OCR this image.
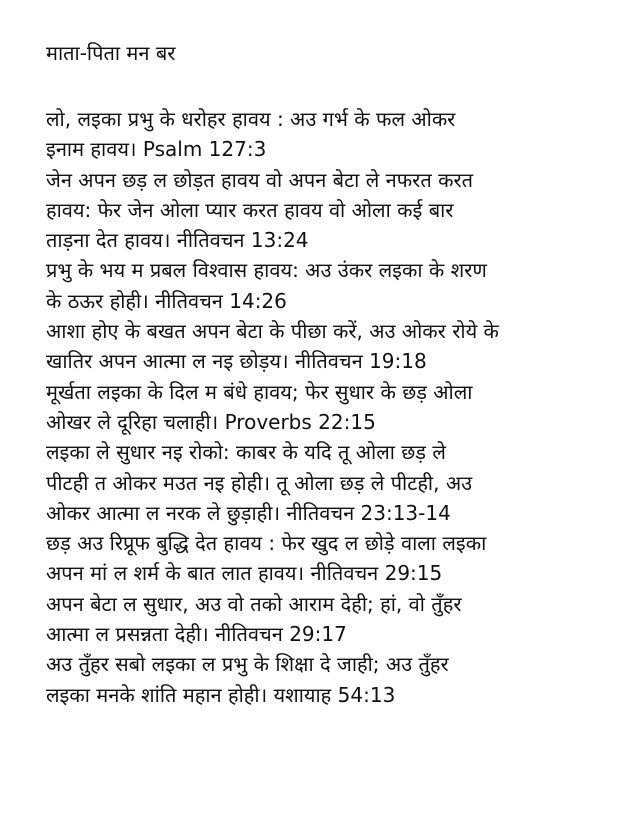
माता-पिता मन बर
लो, लइका प्रभु के धरोहर हावय : अउ गर्भ के फल ओकर
इनाम हावय। Psalm 127:3
जेन अपन छड़ ल छोड़त हावय वो अपन बेटा ले नफरत करत
हावय: फेर जेन ओला प्यार करत हावय वो ओला कई बार
ताड़ना देत हावय। नीतिवचन 13:24
प्रभु के भय म प्रबल विश्वास हावय: अउ उंकर लइका के शरण
के ठऊर होही। नीतिवचन 14:26
आशा होए के बखत अपन बेटा के पीछा करें, अउ ओकर रोये के
खातिर अपन आत्मा ल नइ छोड़य। नीतिवचन 19:18
मूर्खता लइका के दिल म बंधे हावय; फेर सुधार के छड़ ओला
ओखर ले दूरिहा चलाही। Proverbs 22:15
लइका ले सुधार नइ रोको: काबर के यदि तू ओला छड़ ले
पीटही त ओकर मउत नइ होही। तू ओला छड़ ले पीटही, अउ
ओकर आत्मा ल नरक ले छुड़ाही। नीतिवचन 23:13-14
छड़ अउ रिप्रूफ बुद्धि देत हावय : फेर खुद ल छोड़े वाला लइका
अपन मां ल शर्म के बात लात हावय। नीतिवचन 29:15
अपन बेटा ल सुधार, अउ वो तको आराम देही; हां, वो तुँहर
आत्मा ल प्रसन्नता देही। नीतिवचन 29:17
अउ तुँहर सबो लइका ल प्रभु के शिक्षा दे जाही; अउ तुँहर
लइका मनके शांति महान होही। यशायाह 54:13
